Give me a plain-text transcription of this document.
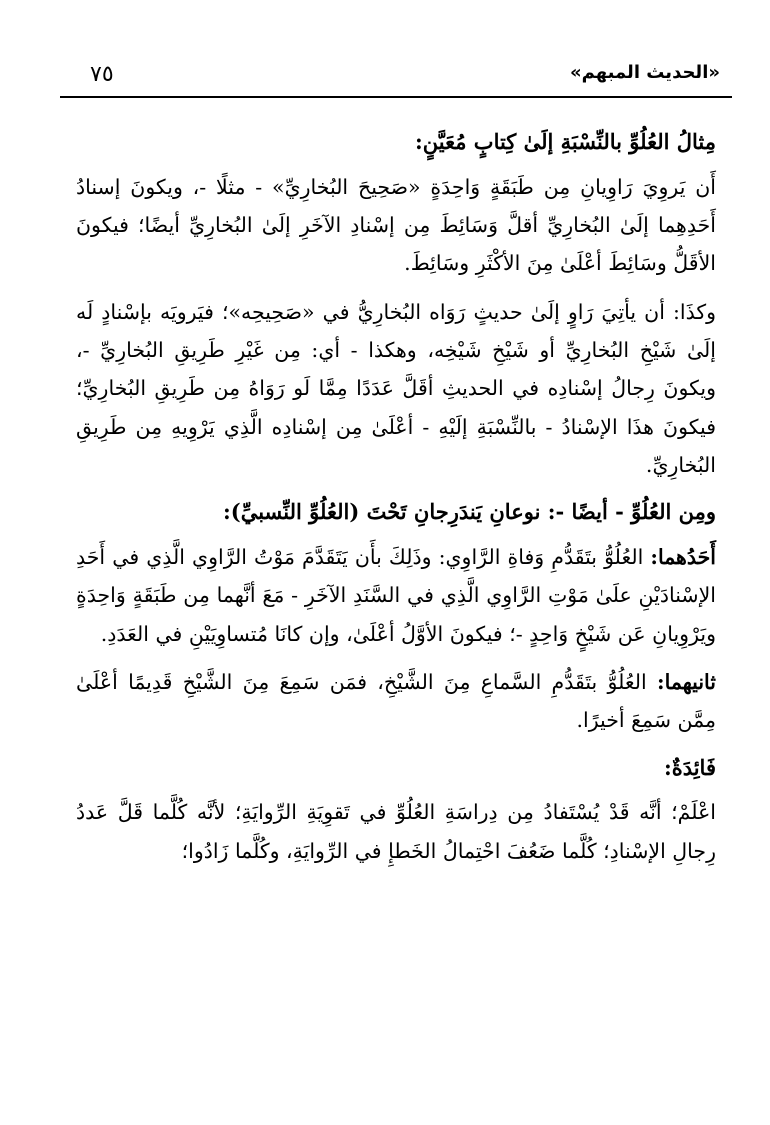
«الحديث المبهم»
٧٥
مِثالُ العُلُوِّ بالنِّسْبَةِ إلَىٰ كِتابٍ مُعَيَّنٍ:

أَن يَروِيَ رَاوِيانِ مِن طَبَقَةٍ وَاحِدَةٍ «صَحِيحَ البُخارِيِّ» - مثلًا -، ويكونَ إسنادُ أَحَدِهِما إلَىٰ البُخارِيِّ أقلَّ وَسَائِطَ مِن إسْنادِ الآخَرِ إلَىٰ البُخارِيِّ أيضًا؛ فيكونَ الأقَلُّ وسَائِطَ أعْلَىٰ مِنَ الأكْثَرِ وسَائِطَ.

وكذَا: أن يأتِيَ رَاوٍ إلَىٰ حديثٍ رَوَاه البُخارِيُّ في «صَحِيحِه»؛ فيَرويَه بإسْنادٍ لَه إلَىٰ شَيْخِ البُخارِيِّ أو شَيْخِ شَيْخِه، وهكذا - أي: مِن غَيْرِ طَرِيقِ البُخارِيِّ -، ويكونَ رِجالُ إسْنادِه في الحديثِ أقَلَّ عَدَدًا مِمَّا لَو رَوَاهُ مِن طَرِيقِ البُخارِيِّ؛ فيكونَ هذَا الإسْنادُ - بالنِّسْبَةِ إلَيْهِ - أعْلَىٰ مِن إسْنادِه الَّذِي يَرْوِيهِ مِن طَرِيقِ البُخارِيِّ.

ومِن العُلُوِّ - أيضًا -: نوعانِ يَندَرِجانِ تَحْتَ (العُلُوِّ النِّسبيِّ):

أَحَدُهما: العُلُوُّ بتَقَدُّمِ وَفاةِ الرَّاوِي: وذَلِكَ بأَن يَتَقَدَّمَ مَوْتُ الرَّاوِي الَّذِي في أَحَدِ الإسْنادَيْنِ علَىٰ مَوْتِ الرَّاوِي الَّذِي في السَّنَدِ الآخَرِ - مَعَ أنَّهما مِن طَبَقَةٍ وَاحِدَةٍ ويَرْوِيانِ عَن شَيْخٍ وَاحِدٍ -؛ فيكونَ الأوَّلُ أعْلَىٰ، وإن كانَا مُتساوِيَيْنِ في العَدَدِ.

ثانيهما: العُلُوُّ بتَقَدُّمِ السَّماعِ مِنَ الشَّيْخِ، فمَن سَمِعَ مِنَ الشَّيْخِ قَدِيمًا أعْلَىٰ مِمَّن سَمِعَ أخيرًا.

فَائِدَةٌ:

اعْلَمْ؛ أنَّه قَدْ يُسْتَفادُ مِن دِراسَةِ العُلُوِّ في تَقوِيَةِ الرِّوايَةِ؛ لأنَّه كُلَّما قَلَّ عَددُ رِجالِ الإسْنادِ؛ كُلَّما ضَعُفَ احْتِمالُ الخَطإِ في الرِّوايَةِ، وكُلَّما زَادُوا؛
